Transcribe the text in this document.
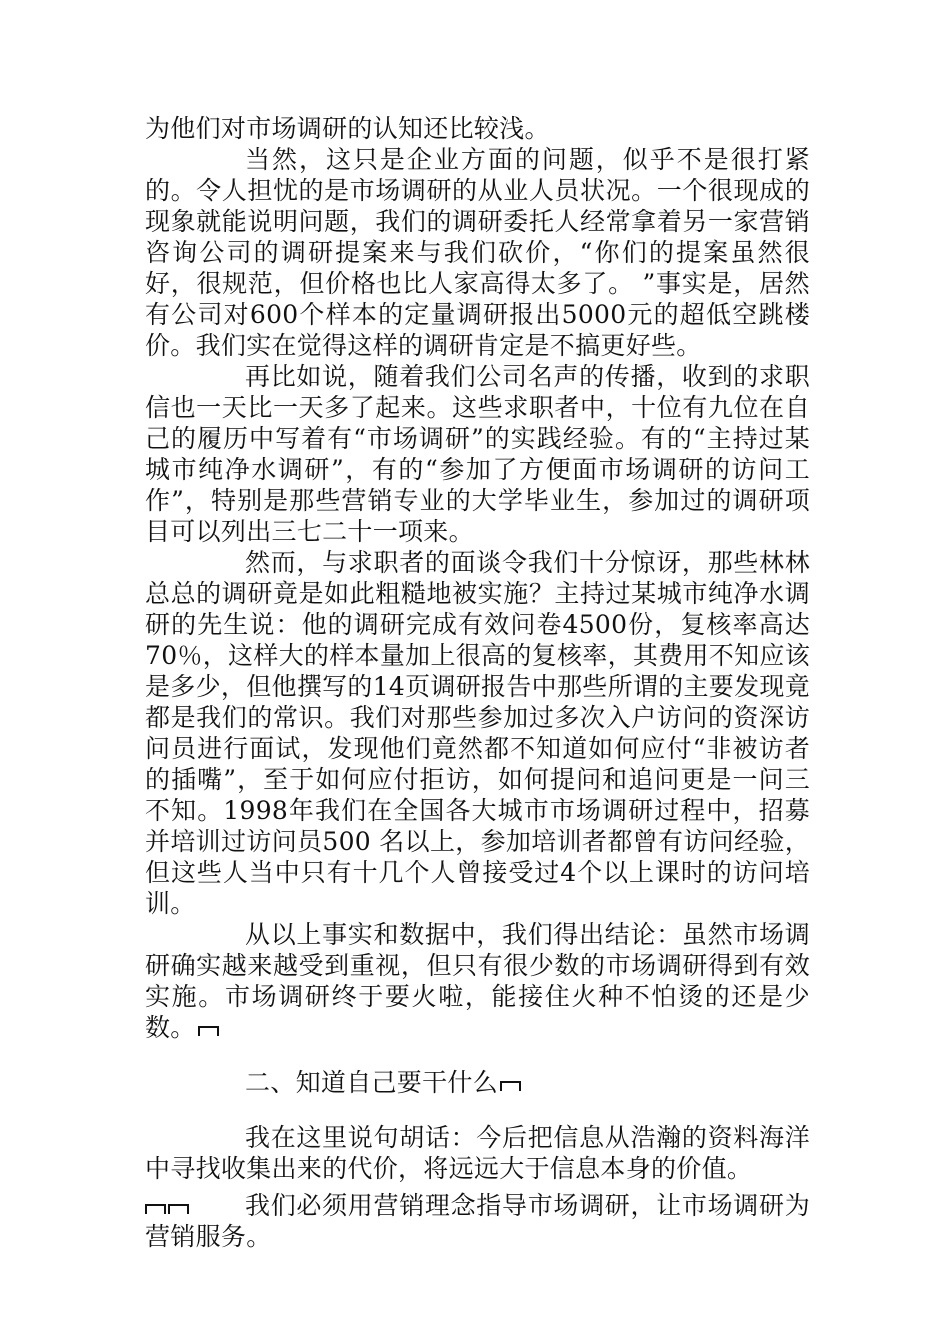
为他们对市场调研的认知还比较浅。

当然，这只是企业方面的问题，似乎不是很打紧的。令人担忧的是市场调研的从业人员状况。一个很现成的现象就能说明问题，我们的调研委托人经常拿着另一家营销咨询公司的调研提案来与我们砍价，“你们的提案虽然很好，很规范，但价格也比人家高得太多了。 ”事实是，居然有公司对600个样本的定量调研报出5000元的超低空跳楼价。我们实在觉得这样的调研肯定是不搞更好些。

再比如说，随着我们公司名声的传播，收到的求职信也一天比一天多了起来。这些求职者中，十位有九位在自己的履历中写着有“市场调研”的实践经验。有的“主持过某城市纯净水调研”，有的“参加了方便面市场调研的访问工作”，特别是那些营销专业的大学毕业生，参加过的调研项目可以列出三七二十一项来。

然而，与求职者的面谈令我们十分惊讶，那些林林总总的调研竟是如此粗糙地被实施？主持过某城市纯净水调研的先生说：他的调研完成有效问卷4500份，复核率高达70％，这样大的样本量加上很高的复核率，其费用不知应该是多少，但他撰写的14页调研报告中那些所谓的主要发现竟都是我们的常识。我们对那些参加过多次入户访问的资深访问员进行面试，发现他们竟然都不知道如何应付“非被访者的插嘴”，至于如何应付拒访，如何提问和追问更是一问三不知。1998年我们在全国各大城市市场调研过程中，招募并培训过访问员500 名以上，参加培训者都曾有访问经验，但这些人当中只有十几个人曾接受过4个以上课时的访问培训。

从以上事实和数据中，我们得出结论：虽然市场调研确实越来越受到重视，但只有很少数的市场调研得到有效实施。市场调研终于要火啦，能接住火种不怕烫的还是少数。

二、知道自己要干什么

我在这里说句胡话：今后把信息从浩瀚的资料海洋中寻找收集出来的代价，将远远大于信息本身的价值。

我们必须用营销理念指导市场调研，让市场调研为营销服务。
